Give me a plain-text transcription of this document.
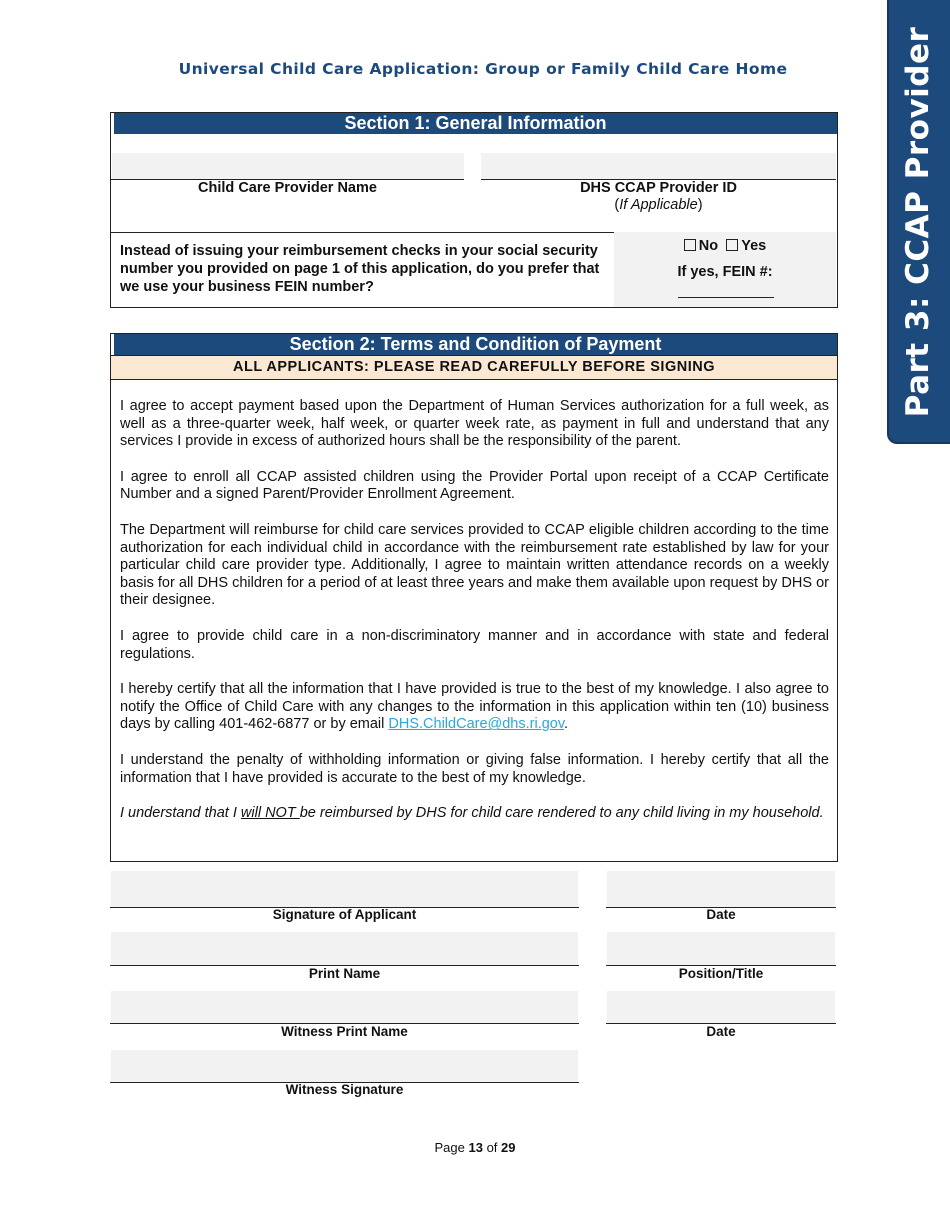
Part 3: CCAP Provider
Universal Child Care Application: Group or Family Child Care Home
Section 1: General Information
Child Care Provider Name	DHS CCAP Provider ID
(If Applicable)
Instead of issuing your reimbursement checks in your social security number you provided on page 1 of this application, do you prefer that we use your business FEIN number?
No Yes
If yes, FEIN #:
Section 2: Terms and Condition of Payment
ALL APPLICANTS: PLEASE READ CAREFULLY BEFORE SIGNING

I agree to accept payment based upon the Department of Human Services authorization for a full week, as well as a three-quarter week, half week, or quarter week rate, as payment in full and understand that any services I provide in excess of authorized hours shall be the responsibility of the parent.

I agree to enroll all CCAP assisted children using the Provider Portal upon receipt of a CCAP Certificate Number and a signed Parent/Provider Enrollment Agreement.

The Department will reimburse for child care services provided to CCAP eligible children according to the time authorization for each individual child in accordance with the reimbursement rate established by law for your particular child care provider type. Additionally, I agree to maintain written attendance records on a weekly basis for all DHS children for a period of at least three years and make them available upon request by DHS or their designee.

I agree to provide child care in a non-discriminatory manner and in accordance with state and federal regulations.

I hereby certify that all the information that I have provided is true to the best of my knowledge. I also agree to notify the Office of Child Care with any changes to the information in this application within ten (10) business days by calling 401-462-6877 or by email DHS.ChildCare@dhs.ri.gov.

I understand the penalty of withholding information or giving false information. I hereby certify that all the information that I have provided is accurate to the best of my knowledge.

I understand that I will NOT be reimbursed by DHS for child care rendered to any child living in my household.

Signature of Applicant	Date
Print Name	Position/Title
Witness Print Name	Date
Witness Signature
Page 13 of 29
